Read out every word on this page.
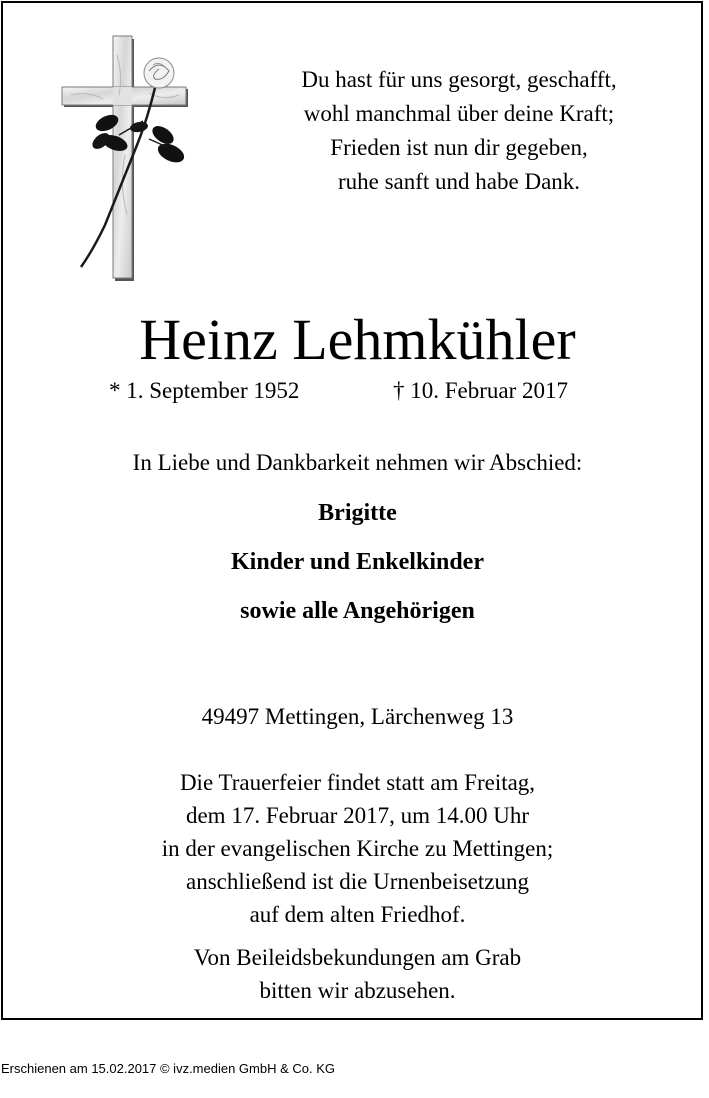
Du hast für uns gesorgt, geschafft,
wohl manchmal über deine Kraft;
Frieden ist nun dir gegeben,
ruhe sanft und habe Dank.
Heinz Lehmkühler
* 1. September 1952	† 10. Februar 2017
In Liebe und Dankbarkeit nehmen wir Abschied:
Brigitte
Kinder und Enkelkinder
sowie alle Angehörigen
49497 Mettingen, Lärchenweg 13
Die Trauerfeier findet statt am Freitag,
dem 17. Februar 2017, um 14.00 Uhr
in der evangelischen Kirche zu Mettingen;
anschließend ist die Urnenbeisetzung
auf dem alten Friedhof.
Von Beileidsbekundungen am Grab
bitten wir abzusehen.
Erschienen am 15.02.2017 © ivz.medien GmbH & Co. KG
